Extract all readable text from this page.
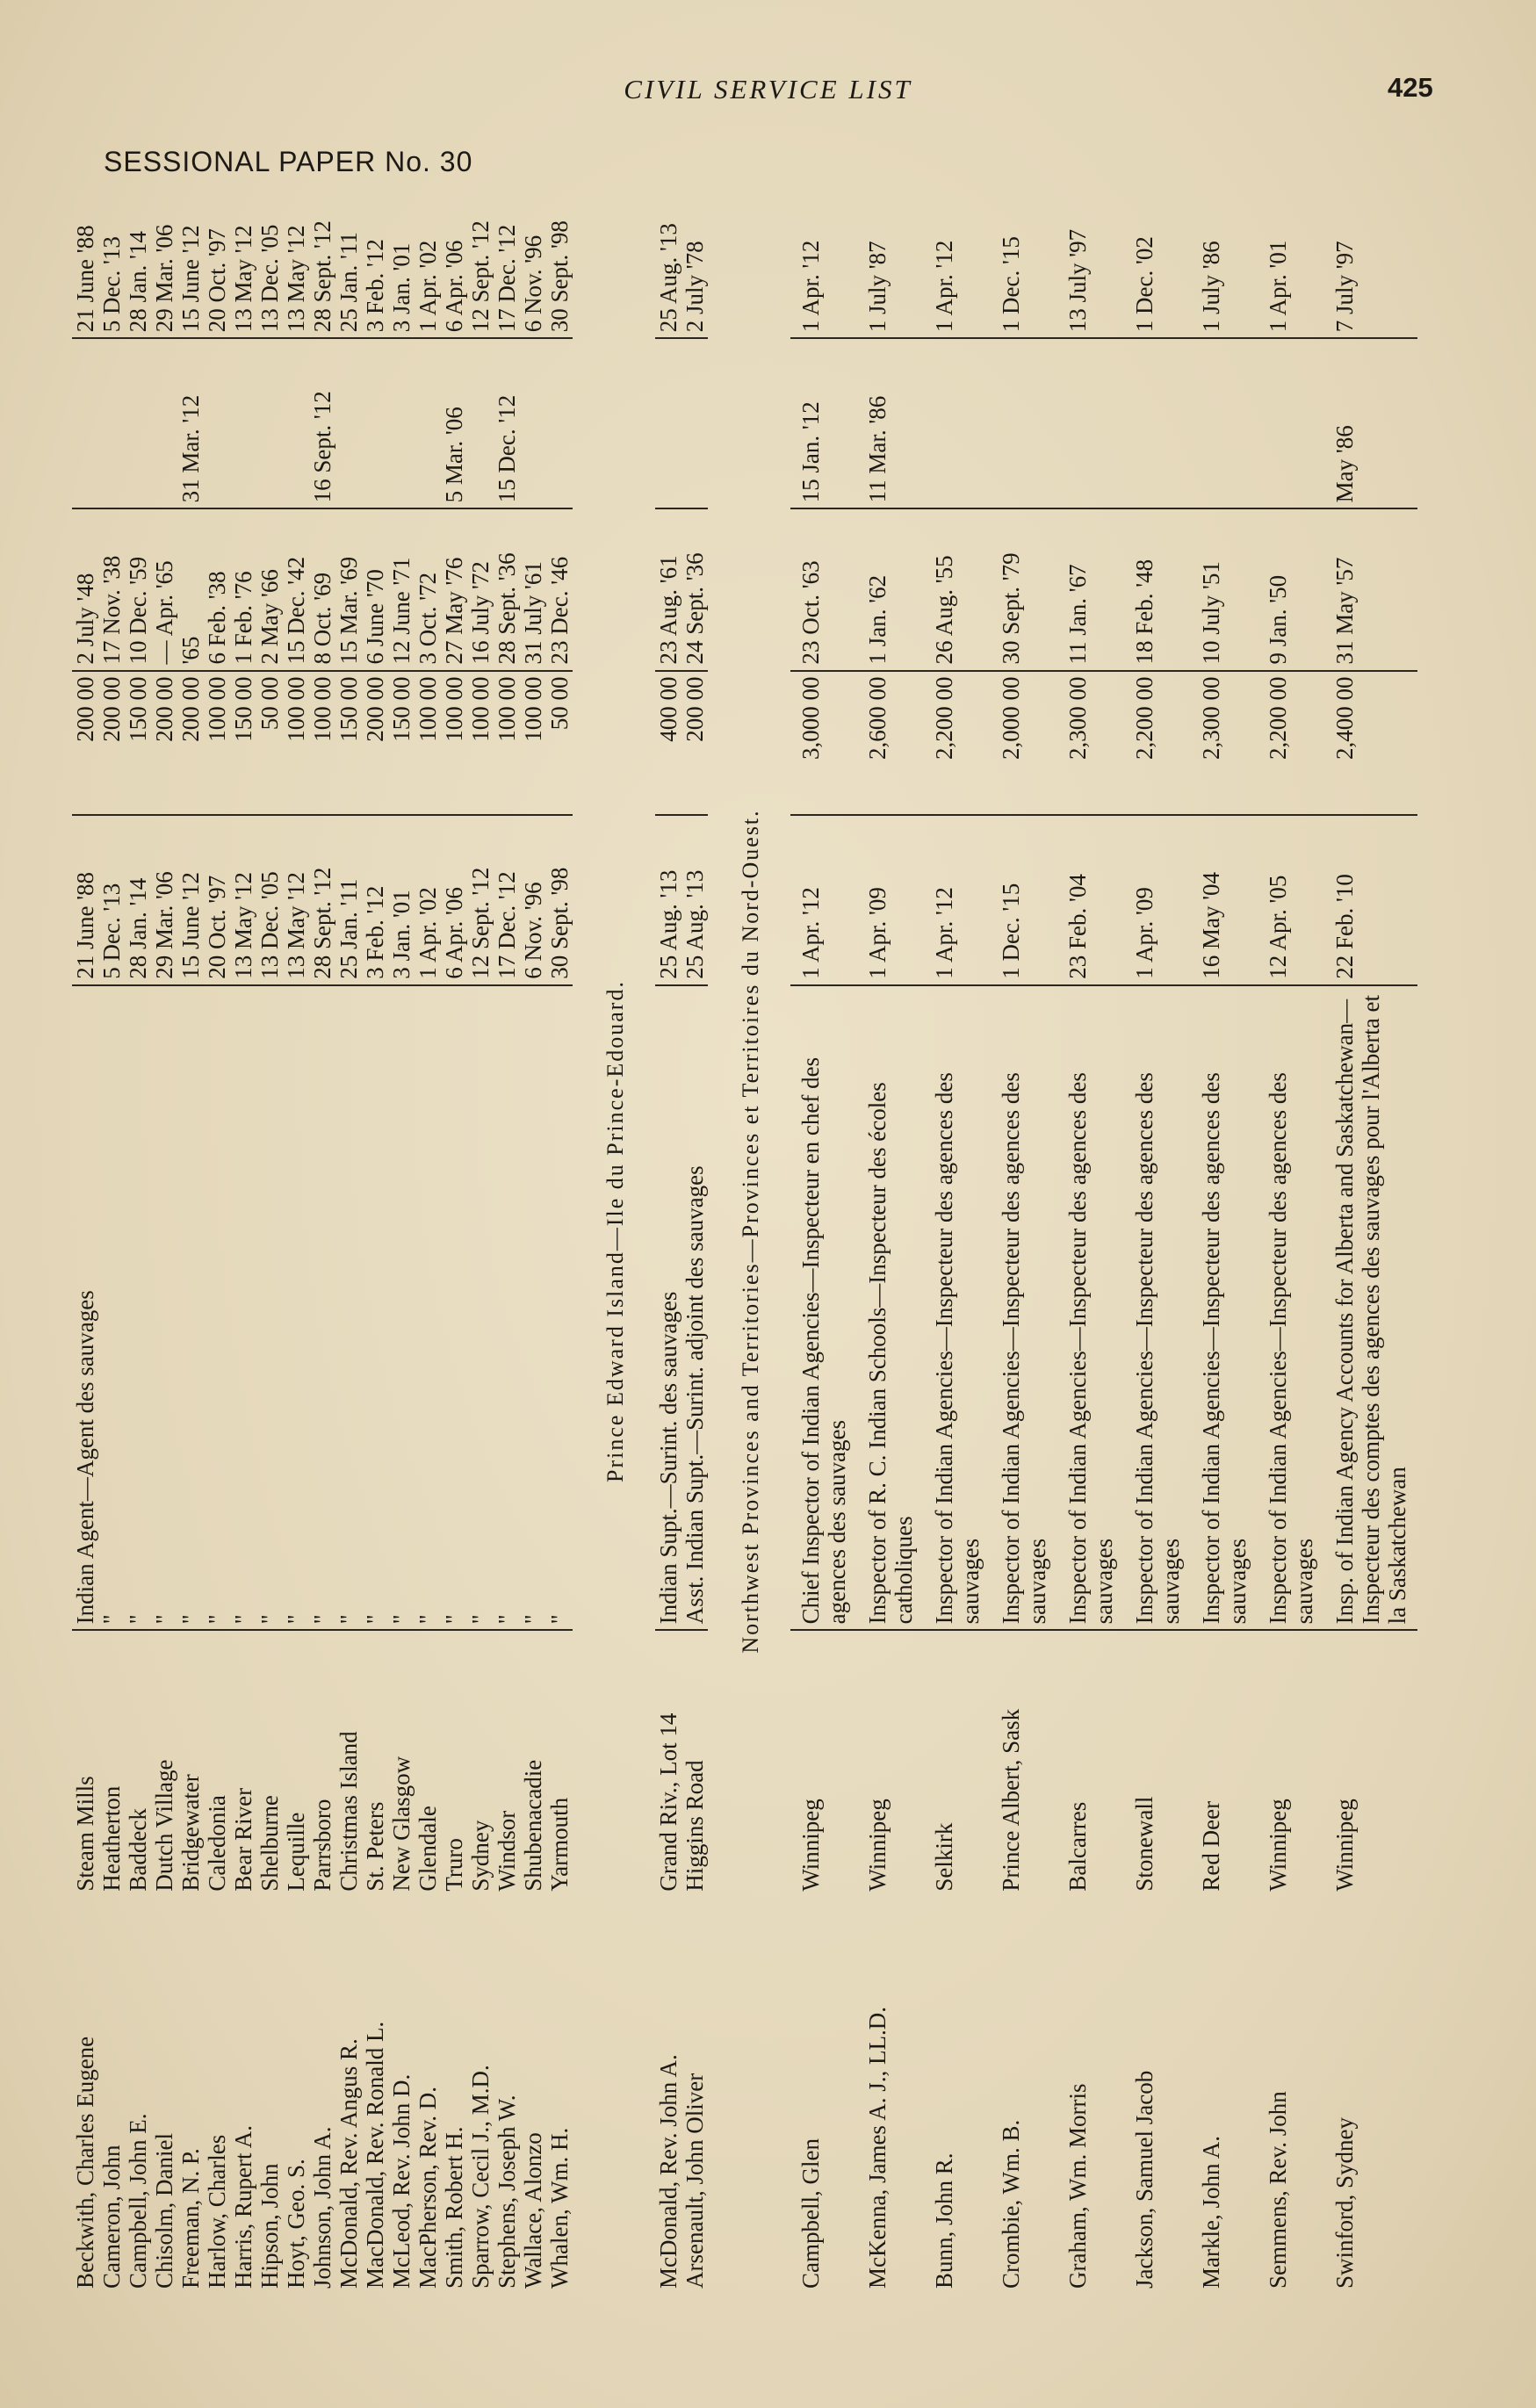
CIVIL SERVICE LIST	425
SESSIONAL PAPER No. 30
Beckwith, Charles Eugene	Steam Mills	Indian Agent—Agent des sauvages	21 June '88	200 00	2 July '48		21 June '88
Cameron, John	Heatherton	"	5 Dec. '13	200 00	17 Nov. '38		5 Dec. '13
Campbell, John E.	Baddeck	"	28 Jan. '14	150 00	10 Dec. '59		28 Jan. '14
Chisolm, Daniel	Dutch Village	"	29 Mar. '06	200 00	— Apr. '65		29 Mar. '06
Freeman, N. P.	Bridgewater	"	15 June '12	200 00	'65	31 Mar. '12	15 June '12
Harlow, Charles	Caledonia	"	20 Oct. '97	100 00	6 Feb. '38		20 Oct. '97
Harris, Rupert A.	Bear River	"	13 May '12	150 00	1 Feb. '76		13 May '12
Hipson, John	Shelburne	"	13 Dec. '05	50 00	2 May '66		13 Dec. '05
Hoyt, Geo. S.	Lequille	"	13 May '12	100 00	15 Dec. '42		13 May '12
Johnson, John A.	Parrsboro	"	28 Sept. '12	100 00	8 Oct. '69	16 Sept. '12	28 Sept. '12
McDonald, Rev. Angus R.	Christmas Island	"	25 Jan. '11	150 00	15 Mar. '69		25 Jan. '11
MacDonald, Rev. Ronald L.	St. Peters	"	3 Feb. '12	200 00	6 June '70		3 Feb. '12
McLeod, Rev. John D.	New Glasgow	"	3 Jan. '01	150 00	12 June '71		3 Jan. '01
MacPherson, Rev. D.	Glendale	"	1 Apr. '02	100 00	3 Oct. '72		1 Apr. '02
Smith, Robert H.	Truro	"	6 Apr. '06	100 00	27 May '76	5 Mar. '06	6 Apr. '06
Sparrow, Cecil J., M.D.	Sydney	"	12 Sept. '12	100 00	16 July '72		12 Sept. '12
Stephens, Joseph W.	Windsor	"	17 Dec. '12	100 00	28 Sept. '36	15 Dec. '12	17 Dec. '12
Wallace, Alonzo	Shubenacadie	"	6 Nov. '96	100 00	31 July '61		6 Nov. '96
Whalen, Wm. H.	Yarmouth	"	30 Sept. '98	50 00	23 Dec. '46		30 Sept. '98
Prince Edward Island—Ile du Prince-Edouard.							
McDonald, Rev. John A.	Grand Riv., Lot 14	Indian Supt.—Surint. des sauvages	25 Aug. '13	400 00	23 Aug. '61		25 Aug. '13
Arsenault, John Oliver	Higgins Road	Asst. Indian Supt.—Surint. adjoint des sauvages	25 Aug. '13	200 00	24 Sept. '36		2 July '78
Northwest Provinces and Territories—Provinces et Territoires du Nord-Ouest.							
Campbell, Glen	Winnipeg	Chief Inspector of Indian Agencies—Inspecteur en chef des agences des sauvages	1 Apr. '12	3,000 00	23 Oct. '63	15 Jan. '12	1 Apr. '12
McKenna, James A. J., LL.D.	Winnipeg	Inspector of R. C. Indian Schools—Inspecteur des écoles catholiques	1 Apr. '09	2,600 00	1 Jan. '62	11 Mar. '86	1 July '87
Bunn, John R.	Selkirk	Inspector of Indian Agencies—Inspecteur des agences des sauvages	1 Apr. '12	2,200 00	26 Aug. '55		1 Apr. '12
Crombie, Wm. B.	Prince Albert, Sask	Inspector of Indian Agencies—Inspecteur des agences des sauvages	1 Dec. '15	2,000 00	30 Sept. '79		1 Dec. '15
Graham, Wm. Morris	Balcarres	Inspector of Indian Agencies—Inspecteur des agences des sauvages	23 Feb. '04	2,300 00	11 Jan. '67		13 July '97
Jackson, Samuel Jacob	Stonewall	Inspector of Indian Agencies—Inspecteur des agences des sauvages	1 Apr. '09	2,200 00	18 Feb. '48		1 Dec. '02
Markle, John A.	Red Deer	Inspector of Indian Agencies—Inspecteur des agences des sauvages	16 May '04	2,300 00	10 July '51		1 July '86
Semmens, Rev. John	Winnipeg	Inspector of Indian Agencies—Inspecteur des agences des sauvages	12 Apr. '05	2,200 00	9 Jan. '50		1 Apr. '01
Swinford, Sydney	Winnipeg	Insp. of Indian Agency Accounts for Alberta and Saskatchewan—Inspecteur des comptes des agences des sauvages pour l'Alberta et la Saskatchewan	22 Feb. '10	2,400 00	31 May '57	May '86	7 July '97
